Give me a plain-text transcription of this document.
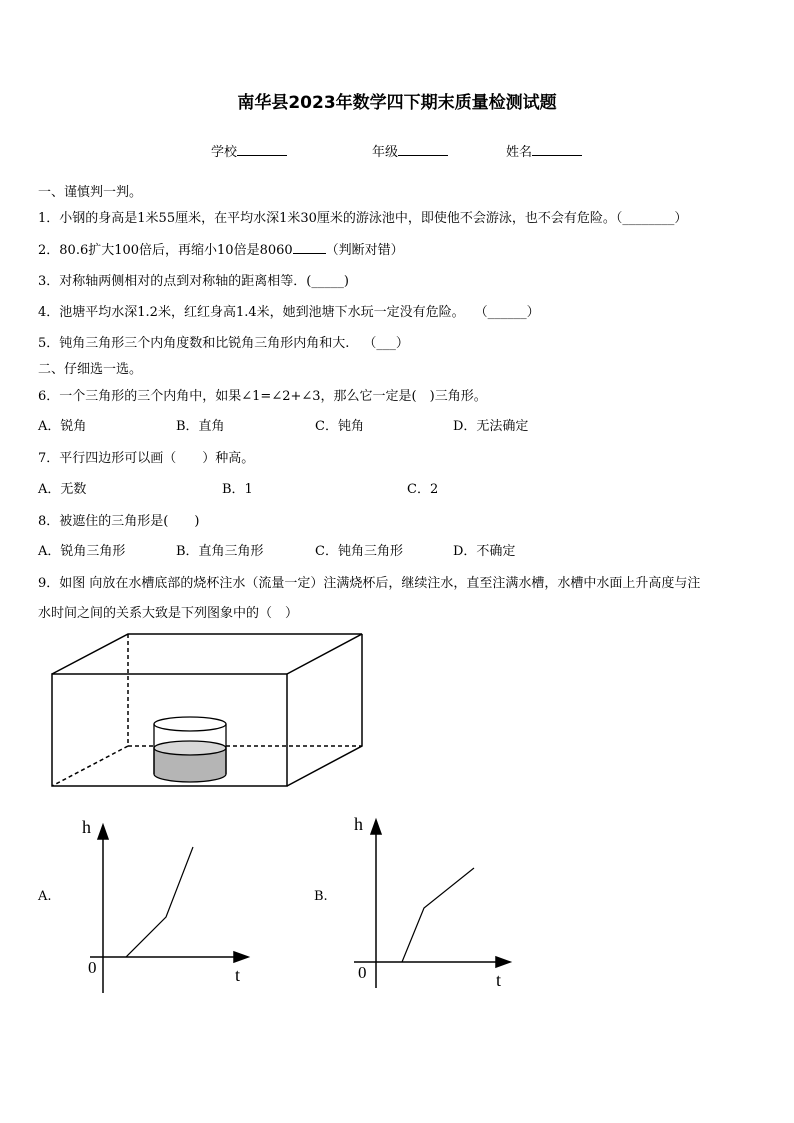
南华县2023年数学四下期末质量检测试题
学校	年级	姓名
一、谨慎判一判。
1．小钢的身高是1米55厘米，在平均水深1米30厘米的游泳池中，即使他不会游泳，也不会有危险。（________）
2．80.6扩大100倍后，再缩小10倍是8060	（判断对错）
3．对称轴两侧相对的点到对称轴的距离相等．(_____)
4．池塘平均水深1.2米，红红身高1.4米，她到池塘下水玩一定没有危险。 （______）
5．钝角三角形三个内角度数和比锐角三角形内角和大. （___）
二、仔细选一选。
6．一个三角形的三个内角中，如果∠1=∠2+∠3，那么它一定是(　)三角形。
A．锐角	B．直角	C．钝角	D．无法确定
7．平行四边形可以画（　　）种高。
A．无数	B．1	C．2
8．被遮住的三角形是(　　)
A．锐角三角形	B．直角三角形	C．钝角三角形	D．不确定
9．如图 向放在水槽底部的烧杯注水（流量一定）注满烧杯后，继续注水，直至注满水槽，水槽中水面上升高度与注
水时间之间的关系大致是下列图象中的（　）
A.
h
t
0
B.
h
t
0
